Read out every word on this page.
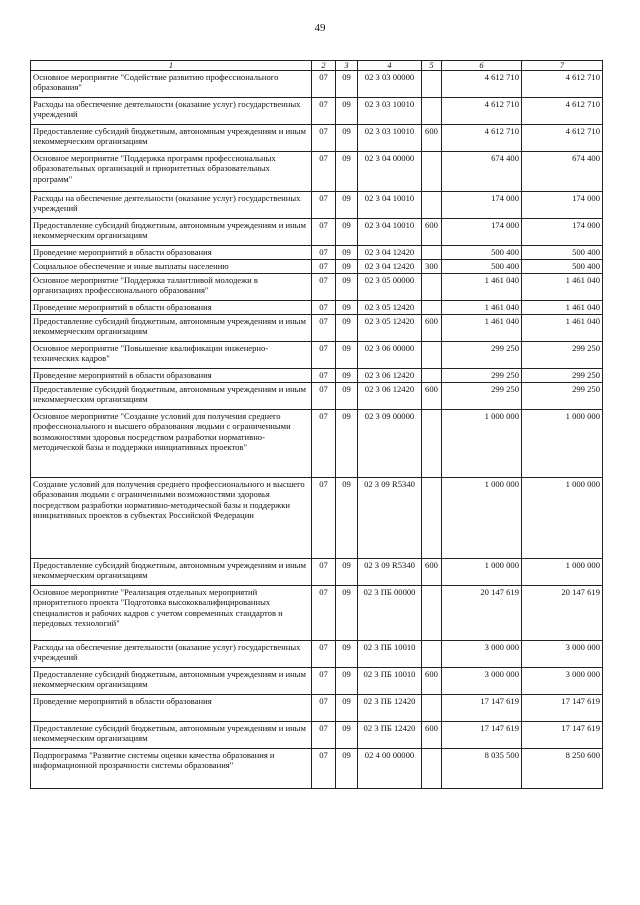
49
1	2	3	4	5	6	7
Основное мероприятие "Содействие развитию профессионального образования"	07	09	02 3 03 00000		4 612 710	4 612 710
Расходы на обеспечение деятельности (оказание услуг) государственных учреждений	07	09	02 3 03 10010		4 612 710	4 612 710
Предоставление субсидий бюджетным, автономным учреждениям и иным некоммерческим организациям	07	09	02 3 03 10010	600	4 612 710	4 612 710
Основное мероприятие "Поддержка программ профессиональных образовательных организаций и приоритетных образовательных программ"	07	09	02 3 04 00000		674 400	674 400
Расходы на обеспечение деятельности (оказание услуг) государственных учреждений	07	09	02 3 04 10010		174 000	174 000
Предоставление субсидий бюджетным, автономным учреждениям и иным некоммерческим организациям	07	09	02 3 04 10010	600	174 000	174 000
Проведение мероприятий в области образования	07	09	02 3 04 12420		500 400	500 400
Социальное обеспечение и иные выплаты населению	07	09	02 3 04 12420	300	500 400	500 400
Основное мероприятие "Поддержка талантливой молодежи в организациях профессионального образования"	07	09	02 3 05 00000		1 461 040	1 461 040
Проведение мероприятий в области образования	07	09	02 3 05 12420		1 461 040	1 461 040
Предоставление субсидий бюджетным, автономным учреждениям и иным некоммерческим организациям	07	09	02 3 05 12420	600	1 461 040	1 461 040
Основное мероприятие "Повышение квалификации инженерно-технических кадров"	07	09	02 3 06 00000		299 250	299 250
Проведение мероприятий в области образования	07	09	02 3 06 12420		299 250	299 250
Предоставление субсидий бюджетным, автономным учреждениям и иным некоммерческим организациям	07	09	02 3 06 12420	600	299 250	299 250
Основное мероприятие "Создание условий для получения среднего профессионального и высшего образования людьми с ограниченными возможностями здоровья посредством разработки нормативно-методической базы и поддержки инициативных проектов"	07	09	02 3 09 00000		1 000 000	1 000 000
Создание условий для получения среднего профессионального и высшего образования людьми с ограниченными возможностями здоровья посредством разработки нормативно-методической базы и поддержки инициативных проектов в субъектах Российской Федерации	07	09	02 3 09 R5340		1 000 000	1 000 000
Предоставление субсидий бюджетным, автономным учреждениям и иным некоммерческим организациям	07	09	02 3 09 R5340	600	1 000 000	1 000 000
Основное мероприятие "Реализация отдельных мероприятий приоритетного проекта "Подготовка высококвалифицированных специалистов и рабочих кадров с учетом современных стандартов и передовых технологий"	07	09	02 3 ПБ 00000		20 147 619	20 147 619
Расходы на обеспечение деятельности (оказание услуг) государственных учреждений	07	09	02 3 ПБ 10010		3 000 000	3 000 000
Предоставление субсидий бюджетным, автономным учреждениям и иным некоммерческим организациям	07	09	02 3 ПБ 10010	600	3 000 000	3 000 000
Проведение мероприятий в области образования	07	09	02 3 ПБ 12420		17 147 619	17 147 619
Предоставление субсидий бюджетным, автономным учреждениям и иным некоммерческим организациям	07	09	02 3 ПБ 12420	600	17 147 619	17 147 619
Подпрограмма "Развитие системы оценки качества образования и информационной прозрачности системы образования"	07	09	02 4 00 00000		8 035 500	8 250 600
